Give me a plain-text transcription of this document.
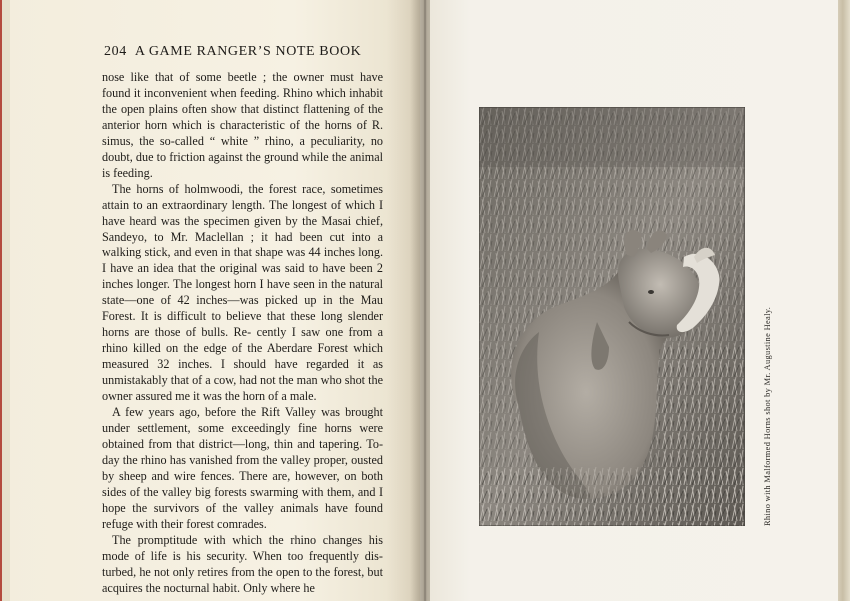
204 A GAME RANGER’S NOTE BOOK

nose like that of some beetle ; the owner must have found it inconvenient when feeding. Rhino which inhabit the open plains often show that distinct flattening of the anterior horn which is characteristic of the horns of R. simus, the so-called “ white ” rhino, a peculiarity, no doubt, due to friction against the ground while the animal is feeding.

The horns of holmwoodi, the forest race, sometimes attain to an extraordinary length. The longest of which I have heard was the specimen given by the Masai chief, Sandeyo, to Mr. Maclellan ; it had been cut into a walking stick, and even in that shape was 44 inches long. I have an idea that the original was said to have been 2 inches longer. The longest horn I have seen in the natural state—one of 42 inches—was picked up in the Mau Forest. It is difficult to believe that these long slender horns are those of bulls. Re- cently I saw one from a rhino killed on the edge of the Aberdare Forest which measured 32 inches. I should have regarded it as unmistakably that of a cow, had not the man who shot the owner assured me it was the horn of a male.

A few years ago, before the Rift Valley was brought under settlement, some exceedingly fine horns were obtained from that district—long, thin and tapering. To-day the rhino has vanished from the valley proper, ousted by sheep and wire fences. There are, however, on both sides of the valley big forests swarming with them, and I hope the survivors of the valley animals have found refuge with their forest comrades.

The promptitude with which the rhino changes his mode of life is his security. When too frequently dis- turbed, he not only retires from the open to the forest, but acquires the nocturnal habit. Only where he

Rhino with Malformed Horns shot by Mr. Augustine Healy.
